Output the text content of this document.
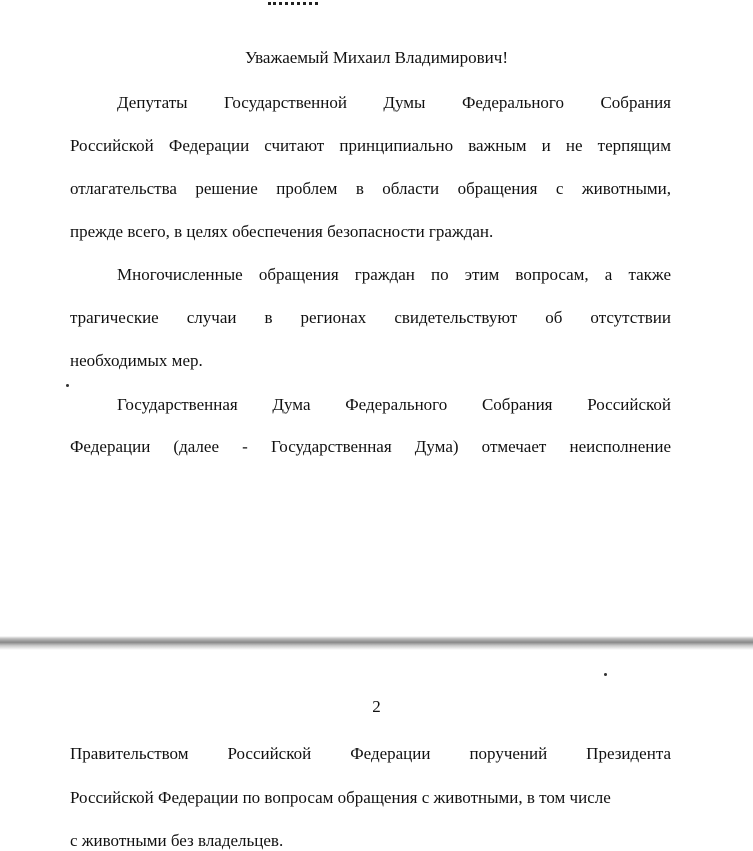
Уважаемый Михаил Владимирович!
Депутаты Государственной Думы Федерального Собрания
Российской Федерации считают принципиально важным и не терпящим
отлагательства решение проблем в области обращения с животными,
прежде всего, в целях обеспечения безопасности граждан.
Многочисленные обращения граждан по этим вопросам, а также
трагические случаи в регионах свидетельствуют об отсутствии
необходимых мер.
Государственная Дума Федерального Собрания Российской
Федерации (далее - Государственная Дума) отмечает неисполнение
2
Правительством Российской Федерации поручений Президента
Российской Федерации по вопросам обращения с животными, в том числе
с животными без владельцев.
